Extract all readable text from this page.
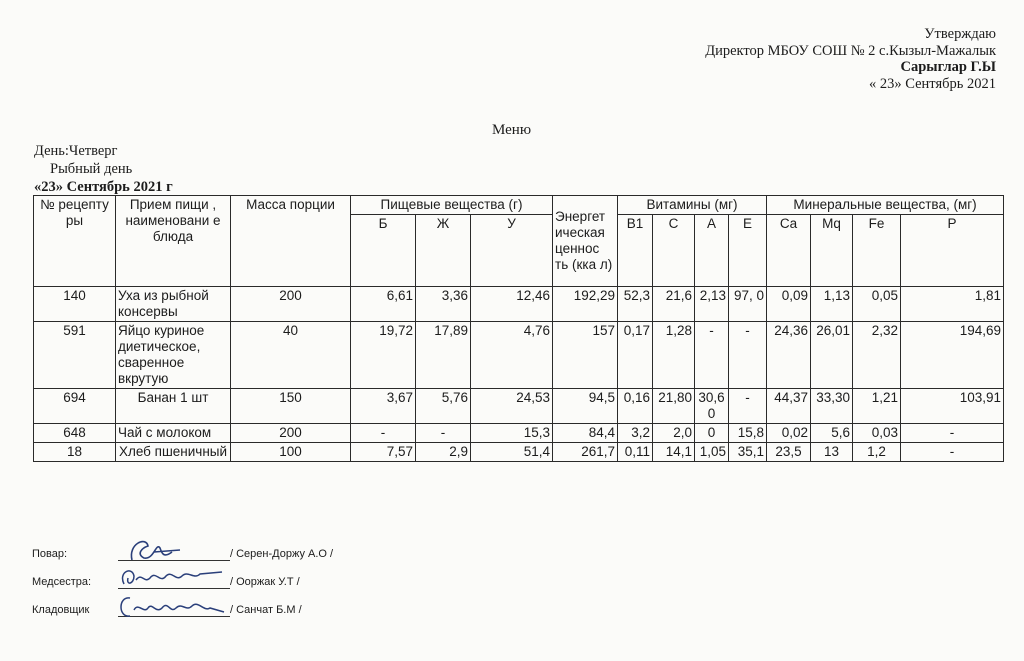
Утверждаю
Директор МБОУ СОШ № 2 с.Кызыл-Мажалык
Сарыглар Г.Ы
« 23» Сентябрь 2021
Меню
День:Четверг
Рыбный день
«23» Сентябрь 2021 г
№ рецепту ры	Прием пищи , наименовани е блюда	Масса порции	Пищевые вещества (г)			Энергет ическая ценнос ть (кка л)	Витамины (мг)				Минеральные вещества, (мг)			
			Б	Ж	У		B1	C	A	E	Ca	Mq	Fe	P
140	Уха из рыбной консервы	200	6,61	3,36	12,46	192,29	52,3	21,6	2,13	97, 0	0,09	1,13	0,05	1,81
591	Яйцо куриное диетическое, сваренное вкрутую	40	19,72	17,89	4,76	157	0,17	1,28	-	-	24,36	26,01	2,32	194,69
694	Банан 1 шт	150	3,67	5,76	24,53	94,5	0,16	21,80	30,6 0	-	44,37	33,30	1,21	103,91
648	Чай с молоком	200	-	-	15,3	84,4	3,2	2,0	0	15,8	0,02	5,6	0,03	-
18	Хлеб пшеничный	100	7,57	2,9	51,4	261,7	0,11	14,1	1,05	35,1	23,5	13	1,2	-
Повар:	/ Серен-Доржу А.О /
Медсестра:	/ Ооржак У.Т /
Кладовщик	/ Санчат Б.М /
